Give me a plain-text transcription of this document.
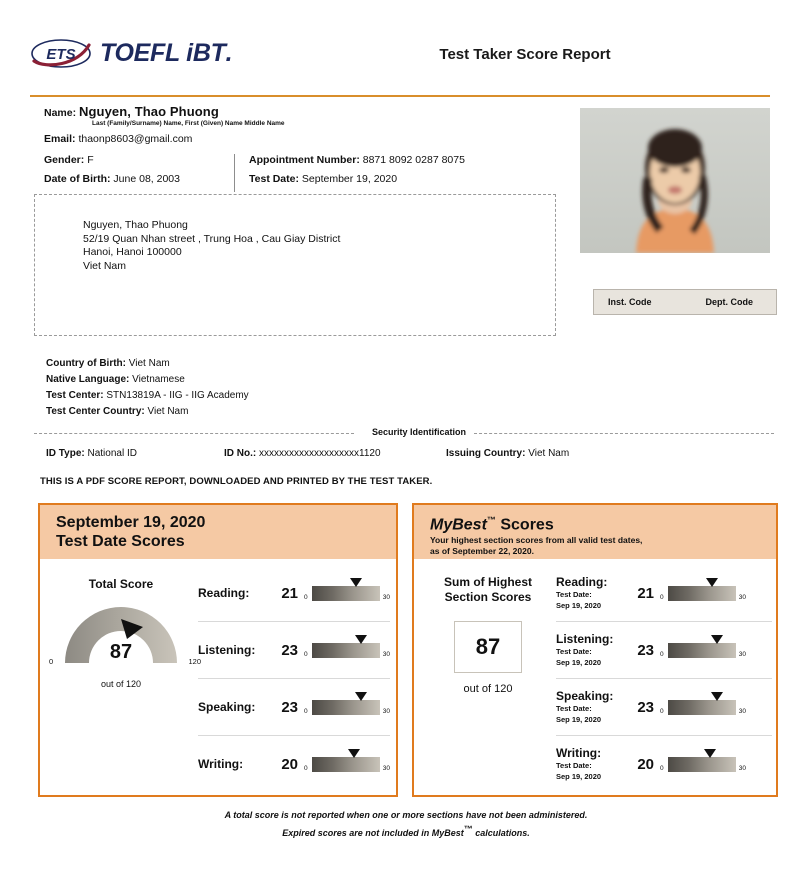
ETS TOEFL iBT .	Test Taker Score Report
Name: Nguyen, Thao Phuong
Last (Family/Surname) Name, First (Given) Name Middle Name
Email: thaonp8603@gmail.com
Gender: F
Date of Birth: June 08, 2003
Appointment Number: 8871 8092 0287 8075
Test Date: September 19, 2020
Inst. Code	Dept. Code
Nguyen, Thao Phuong
52/19 Quan Nhan street , Trung Hoa , Cau Giay District
Hanoi, Hanoi 100000
Viet Nam
Country of Birth: Viet Nam
Native Language: Vietnamese
Test Center: STN13819A - IIG - IIG Academy
Test Center Country: Viet Nam
Security Identification
ID Type: National ID	ID No.: xxxxxxxxxxxxxxxxxxxx1120	Issuing Country: Viet Nam
THIS IS A PDF SCORE REPORT, DOWNLOADED AND PRINTED BY THE TEST TAKER.
September 19, 2020
Test Date Scores
Total Score
87
0	120
out of 120
Reading:	21 0	30
Listening:	23 0	30
Speaking:	23 0	30
Writing:	20 0	30
MyBest™ Scores
Your highest section scores from all valid test dates,
as of September 22, 2020.
Sum of Highest
Section Scores
87
out of 120
Reading:
Test Date:
Sep 19, 2020
21 0	30
Listening:
Test Date:
Sep 19, 2020
23 0	30
Speaking:
Test Date:
Sep 19, 2020
23 0	30
Writing:
Test Date:
Sep 19, 2020
20 0	30
A total score is not reported when one or more sections have not been administered.
Expired scores are not included in MyBest™ calculations.
